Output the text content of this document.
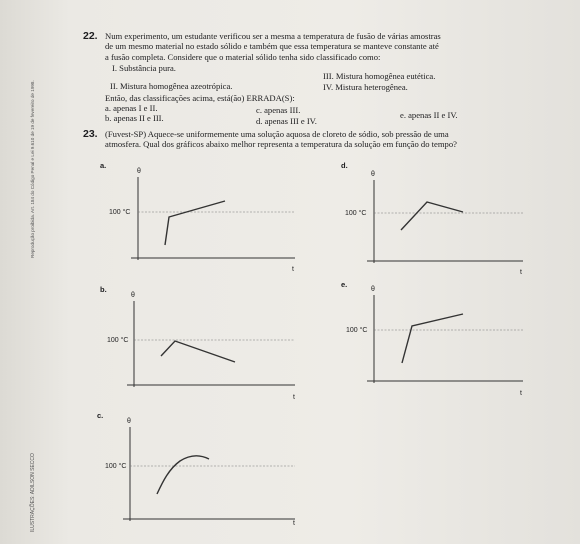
Reprodução proibida. Art. 184 do Código Penal e Lei 9.610 de 19 de fevereiro de 1998.
ILUSTRAÇÕES: ADILSON SECCO
22. Num experimento, um estudante verificou ser a mesma a temperatura de fusão de várias amostras
de um mesmo material no estado sólido e também que essa temperatura se manteve constante até
a fusão completa. Considere que o material sólido tenha sido classificado como:
I. Substância pura.
III. Mistura homogênea eutética.
II. Mistura homogênea azeotrópica.	IV. Mistura heterogênea.
Então, das classificações acima, está(ão) ERRADA(S):
a. apenas I e II.	c. apenas III.	e. apenas II e IV.
b. apenas II e III.	d. apenas III e IV.
23. (Fuvest-SP) Aquece-se uniformemente uma solução aquosa de cloreto de sódio, sob pressão de uma
atmosfera. Qual dos gráficos abaixo melhor representa a temperatura da solução em função do tempo?
a.
θ
t
100 °C
d.
θ
t
100 °C
b.
θ
t
100 °C
e.
θ
t
100 °C
c.
θ
t
100 °C
